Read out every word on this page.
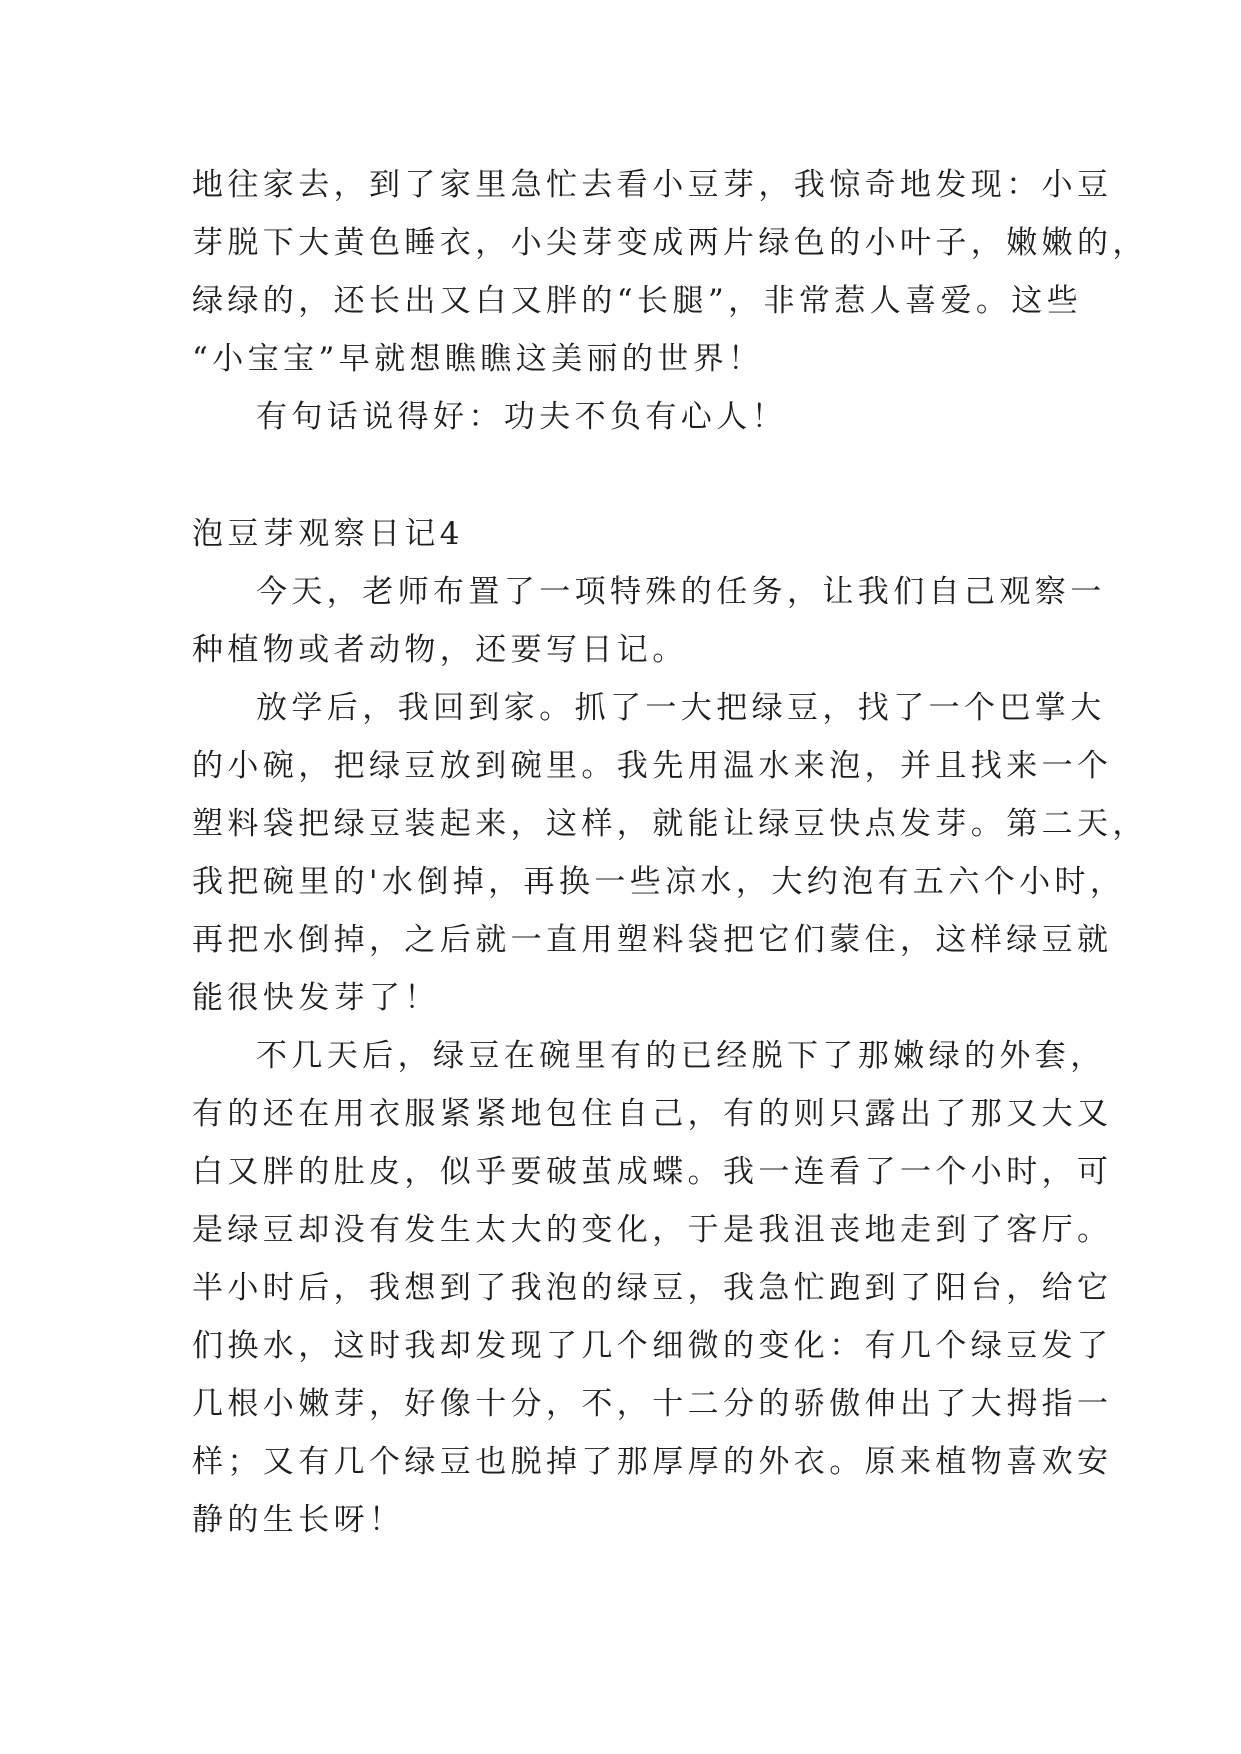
地往家去，到了家里急忙去看小豆芽，我惊奇地发现：小豆
芽脱下大黄色睡衣，小尖芽变成两片绿色的小叶子，嫩嫩的，
绿绿的，还长出又白又胖的“长腿”，非常惹人喜爱。这些
“小宝宝”早就想瞧瞧这美丽的世界！
有句话说得好：功夫不负有心人！
泡豆芽观察日记4
今天，老师布置了一项特殊的任务，让我们自己观察一
种植物或者动物，还要写日记。
放学后，我回到家。抓了一大把绿豆，找了一个巴掌大
的小碗，把绿豆放到碗里。我先用温水来泡，并且找来一个
塑料袋把绿豆装起来，这样，就能让绿豆快点发芽。第二天，
我把碗里的'水倒掉，再换一些凉水，大约泡有五六个小时，
再把水倒掉，之后就一直用塑料袋把它们蒙住，这样绿豆就
能很快发芽了！
不几天后，绿豆在碗里有的已经脱下了那嫩绿的外套，
有的还在用衣服紧紧地包住自己，有的则只露出了那又大又
白又胖的肚皮，似乎要破茧成蝶。我一连看了一个小时，可
是绿豆却没有发生太大的变化，于是我沮丧地走到了客厅。
半小时后，我想到了我泡的绿豆，我急忙跑到了阳台，给它
们换水，这时我却发现了几个细微的变化：有几个绿豆发了
几根小嫩芽，好像十分，不，十二分的骄傲伸出了大拇指一
样；又有几个绿豆也脱掉了那厚厚的外衣。原来植物喜欢安
静的生长呀！
